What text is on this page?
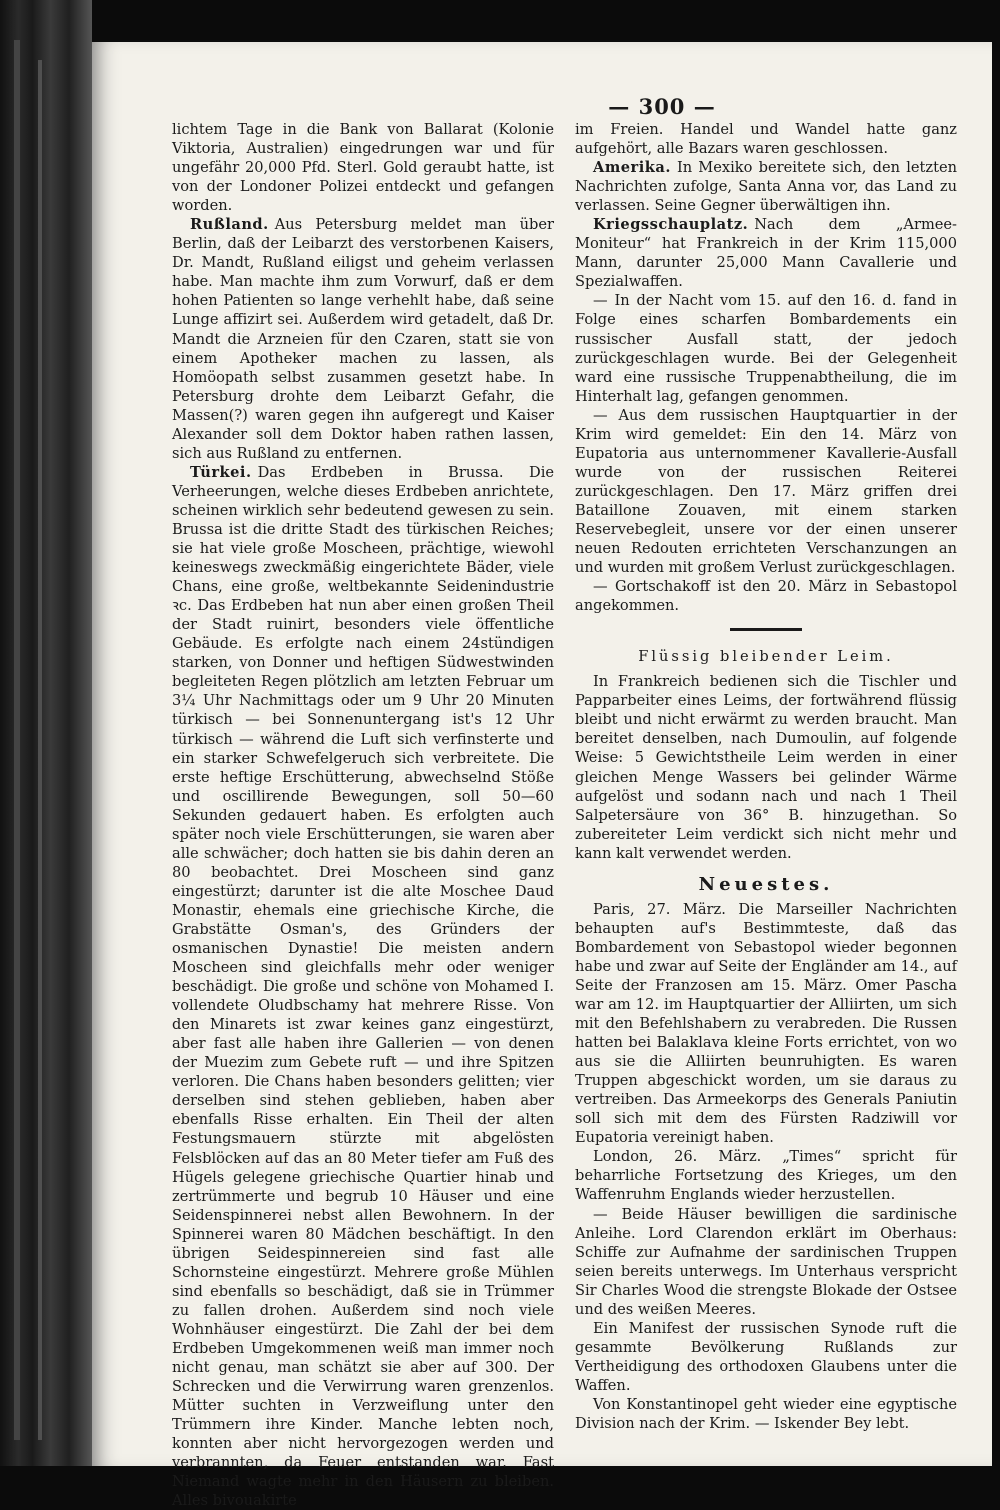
— 300 —

lichtem Tage in die Bank von Ballarat (Kolonie Viktoria, Australien) eingedrungen war und für ungefähr 20,000 Pfd. Sterl. Gold geraubt hatte, ist von der Londoner Polizei entdeckt und gefangen worden.

Rußland. Aus Petersburg meldet man über Berlin, daß der Leibarzt des verstorbenen Kaisers, Dr. Mandt, Rußland eiligst und geheim verlassen habe. Man machte ihm zum Vorwurf, daß er dem hohen Patienten so lange verhehlt habe, daß seine Lunge affizirt sei. Außerdem wird getadelt, daß Dr. Mandt die Arzneien für den Czaren, statt sie von einem Apotheker machen zu lassen, als Homöopath selbst zusammen gesetzt habe. In Petersburg drohte dem Leibarzt Gefahr, die Massen(?) waren gegen ihn aufgeregt und Kaiser Alexander soll dem Doktor haben rathen lassen, sich aus Rußland zu entfernen.

Türkei. Das Erdbeben in Brussa. Die Verheerungen, welche dieses Erdbeben anrichtete, scheinen wirklich sehr bedeutend gewesen zu sein. Brussa ist die dritte Stadt des türkischen Reiches; sie hat viele große Moscheen, prächtige, wiewohl keineswegs zweckmäßig eingerichtete Bäder, viele Chans, eine große, weltbekannte Seidenindustrie ꝛc. Das Erdbeben hat nun aber einen großen Theil der Stadt ruinirt, besonders viele öffentliche Gebäude. Es erfolgte nach einem 24stündigen starken, von Donner und heftigen Südwestwinden begleiteten Regen plötzlich am letzten Februar um 3¼ Uhr Nachmittags oder um 9 Uhr 20 Minuten türkisch — bei Sonnenuntergang ist's 12 Uhr türkisch — während die Luft sich verfinsterte und ein starker Schwefelgeruch sich verbreitete. Die erste heftige Erschütterung, abwechselnd Stöße und oscillirende Bewegungen, soll 50—60 Sekunden gedauert haben. Es erfolgten auch später noch viele Erschütterungen, sie waren aber alle schwächer; doch hatten sie bis dahin deren an 80 beobachtet. Drei Moscheen sind ganz eingestürzt; darunter ist die alte Moschee Daud Monastir, ehemals eine griechische Kirche, die Grabstätte Osman's, des Gründers der osmanischen Dynastie! Die meisten andern Moscheen sind gleichfalls mehr oder weniger beschädigt. Die große und schöne von Mohamed I. vollendete Oludbschamy hat mehrere Risse. Von den Minarets ist zwar keines ganz eingestürzt, aber fast alle haben ihre Gallerien — von denen der Muezim zum Gebete ruft — und ihre Spitzen verloren. Die Chans haben besonders gelitten; vier derselben sind stehen geblieben, haben aber ebenfalls Risse erhalten. Ein Theil der alten Festungsmauern stürzte mit abgelösten Felsblöcken auf das an 80 Meter tiefer am Fuß des Hügels gelegene griechische Quartier hinab und zertrümmerte und begrub 10 Häuser und eine Seidenspinnerei nebst allen Bewohnern. In der Spinnerei waren 80 Mädchen beschäftigt. In den übrigen Seidespinnereien sind fast alle Schornsteine eingestürzt. Mehrere große Mühlen sind ebenfalls so beschädigt, daß sie in Trümmer zu fallen drohen. Außerdem sind noch viele Wohnhäuser eingestürzt. Die Zahl der bei dem Erdbeben Umgekommenen weiß man immer noch nicht genau, man schätzt sie aber auf 300. Der Schrecken und die Verwirrung waren grenzenlos. Mütter suchten in Verzweiflung unter den Trümmern ihre Kinder. Manche lebten noch, konnten aber nicht hervorgezogen werden und verbrannten, da Feuer entstanden war. Fast Niemand wagte mehr in den Häusern zu bleiben. Alles bivouakirte

im Freien. Handel und Wandel hatte ganz aufgehört, alle Bazars waren geschlossen.

Amerika. In Mexiko bereitete sich, den letzten Nachrichten zufolge, Santa Anna vor, das Land zu verlassen. Seine Gegner überwältigen ihn.

Kriegsschauplatz. Nach dem „Armee-Moniteur“ hat Frankreich in der Krim 115,000 Mann, darunter 25,000 Mann Cavallerie und Spezialwaffen.

— In der Nacht vom 15. auf den 16. d. fand in Folge eines scharfen Bombardements ein russischer Ausfall statt, der jedoch zurückgeschlagen wurde. Bei der Gelegenheit ward eine russische Truppenabtheilung, die im Hinterhalt lag, gefangen genommen.

— Aus dem russischen Hauptquartier in der Krim wird gemeldet: Ein den 14. März von Eupatoria aus unternommener Kavallerie-Ausfall wurde von der russischen Reiterei zurückgeschlagen. Den 17. März griffen drei Bataillone Zouaven, mit einem starken Reservebegleit, unsere vor der einen unserer neuen Redouten errichteten Verschanzungen an und wurden mit großem Verlust zurückgeschlagen.

— Gortschakoff ist den 20. März in Sebastopol angekommen.

Flüssig bleibender Leim.

In Frankreich bedienen sich die Tischler und Papparbeiter eines Leims, der fortwährend flüssig bleibt und nicht erwärmt zu werden braucht. Man bereitet denselben, nach Dumoulin, auf folgende Weise: 5 Gewichtstheile Leim werden in einer gleichen Menge Wassers bei gelinder Wärme aufgelöst und sodann nach und nach 1 Theil Salpetersäure von 36° B. hinzugethan. So zubereiteter Leim verdickt sich nicht mehr und kann kalt verwendet werden.

Neuestes.

Paris, 27. März. Die Marseiller Nachrichten behaupten auf's Bestimmteste, daß das Bombardement von Sebastopol wieder begonnen habe und zwar auf Seite der Engländer am 14., auf Seite der Franzosen am 15. März. Omer Pascha war am 12. im Hauptquartier der Alliirten, um sich mit den Befehlshabern zu verabreden. Die Russen hatten bei Balaklava kleine Forts errichtet, von wo aus sie die Alliirten beunruhigten. Es waren Truppen abgeschickt worden, um sie daraus zu vertreiben. Das Armeekorps des Generals Paniutin soll sich mit dem des Fürsten Radziwill vor Eupatoria vereinigt haben.

London, 26. März. „Times“ spricht für beharrliche Fortsetzung des Krieges, um den Waffenruhm Englands wieder herzustellen.

— Beide Häuser bewilligen die sardinische Anleihe. Lord Clarendon erklärt im Oberhaus: Schiffe zur Aufnahme der sardinischen Truppen seien bereits unterwegs. Im Unterhaus verspricht Sir Charles Wood die strengste Blokade der Ostsee und des weißen Meeres.

Ein Manifest der russischen Synode ruft die gesammte Bevölkerung Rußlands zur Vertheidigung des orthodoxen Glaubens unter die Waffen.

Von Konstantinopel geht wieder eine egyptische Division nach der Krim. — Iskender Bey lebt.
